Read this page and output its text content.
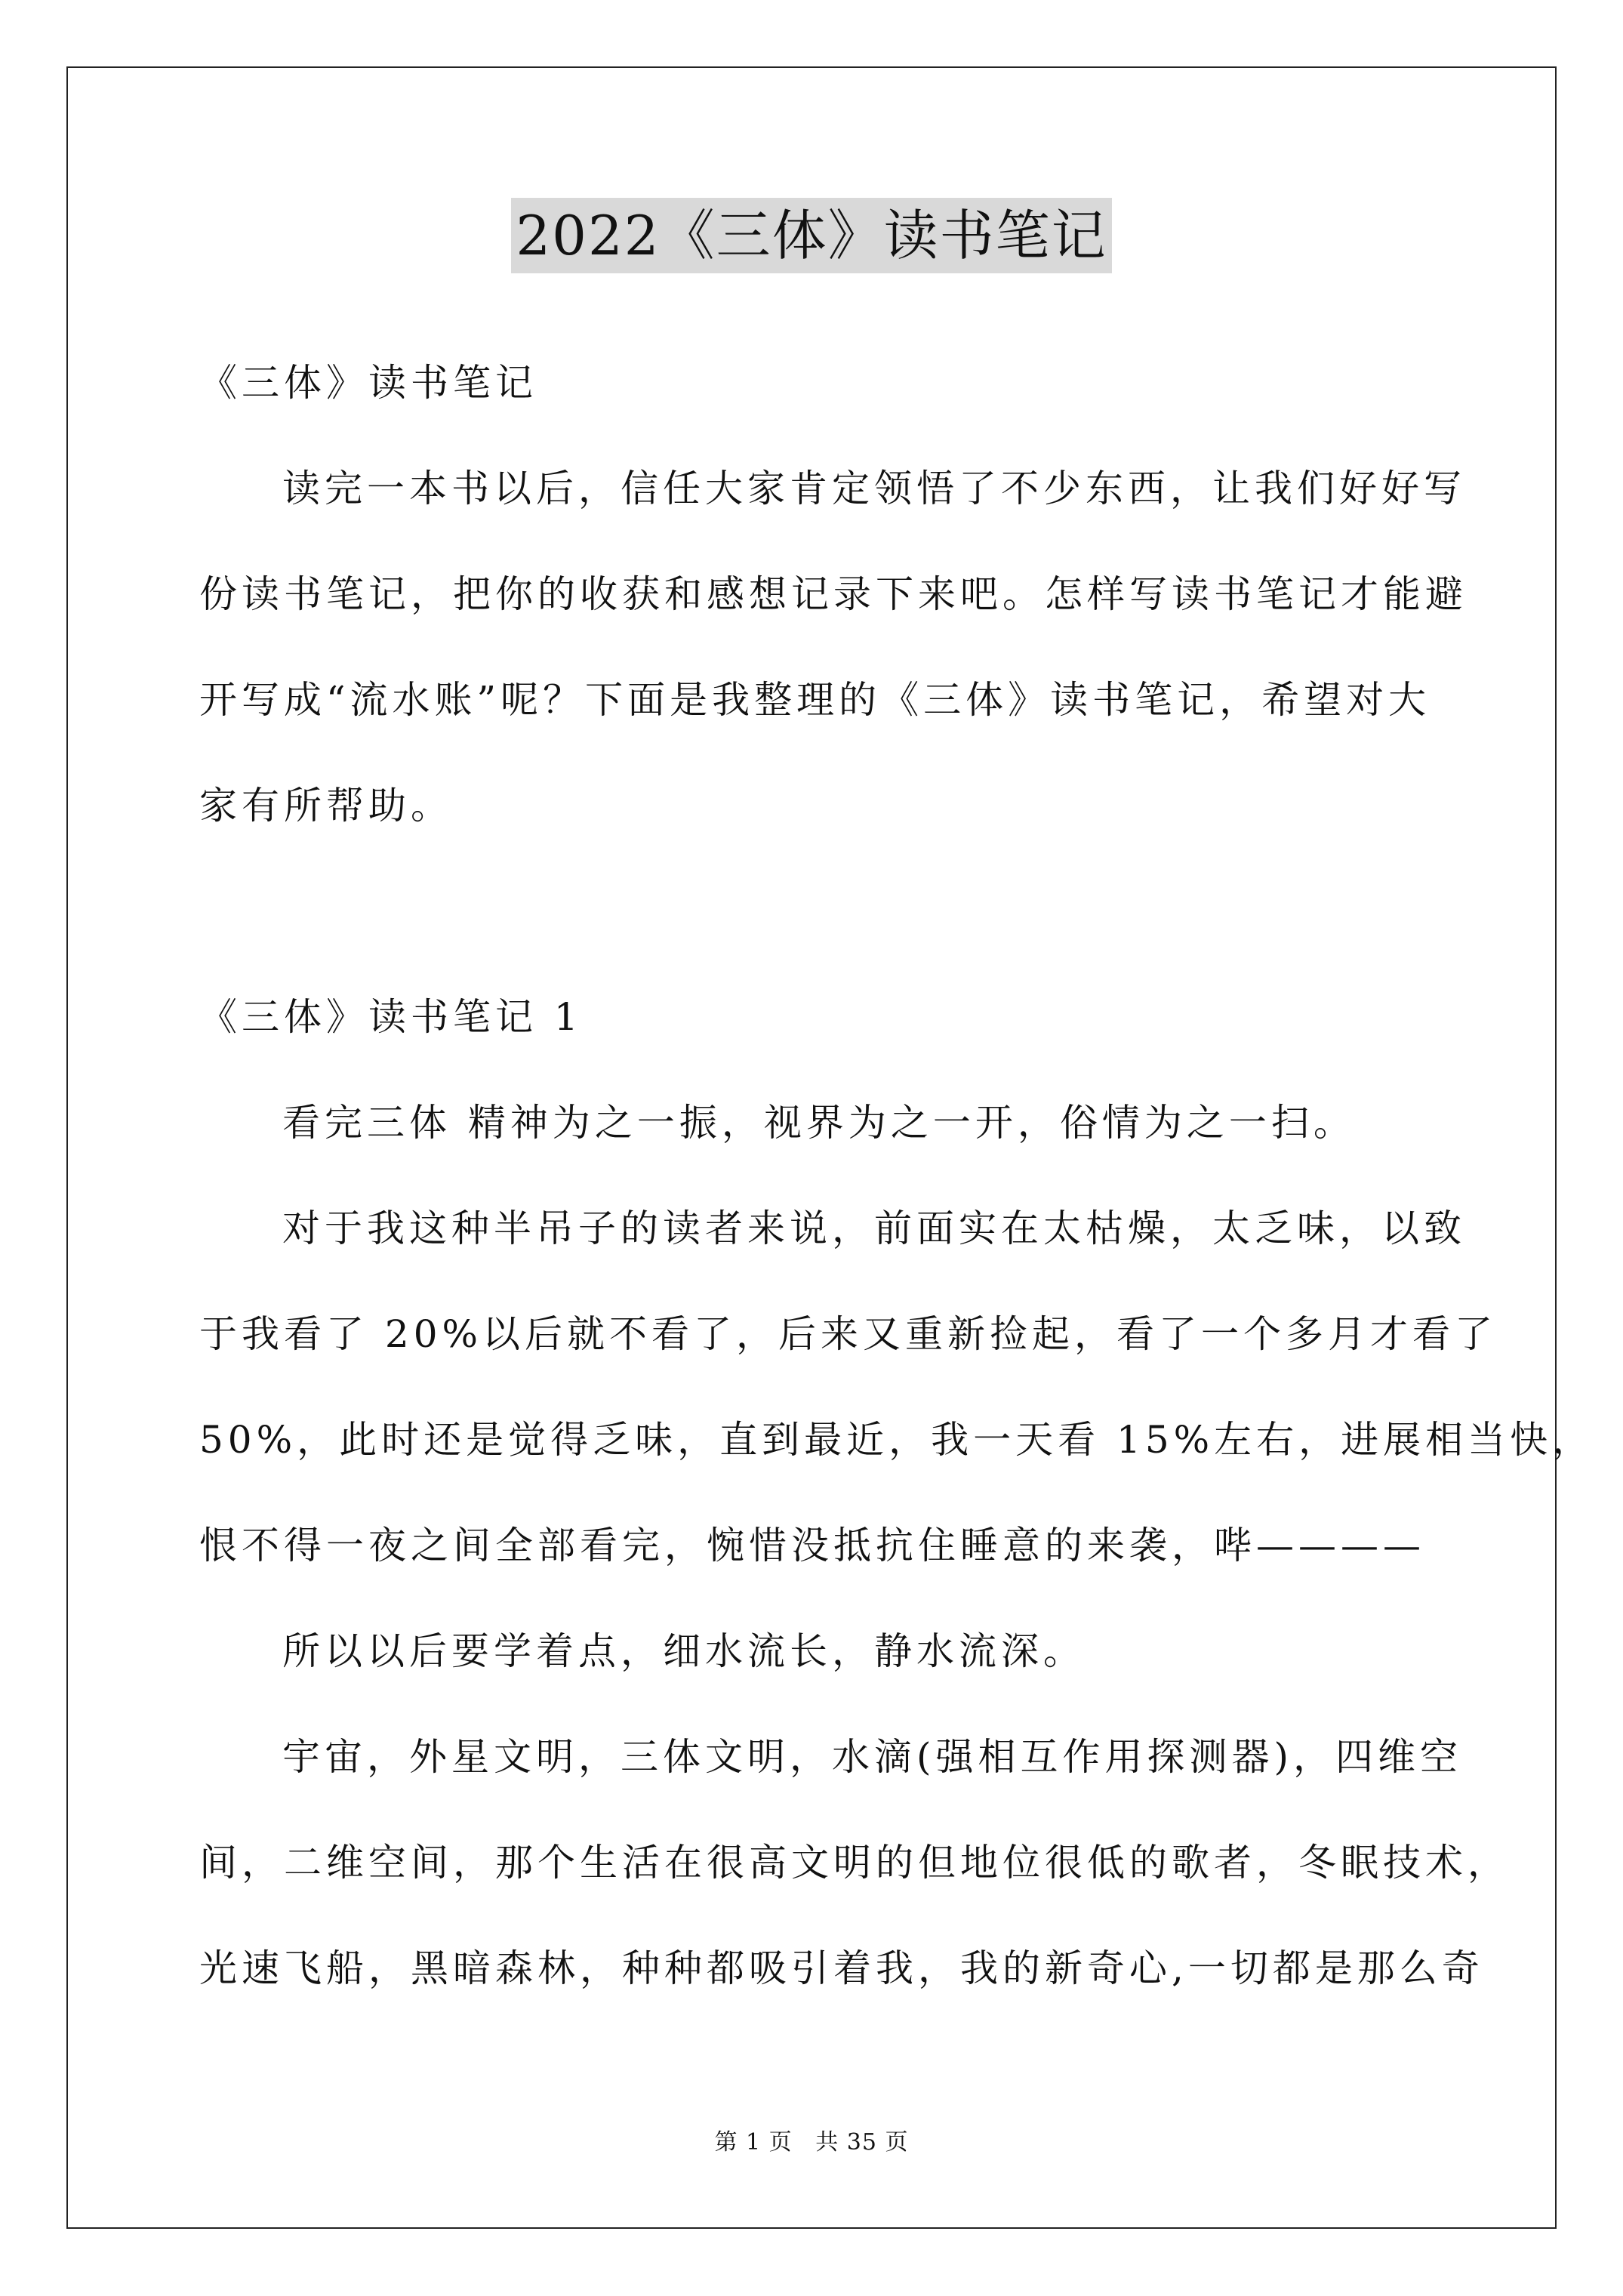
2022《三体》读书笔记
《三体》读书笔记
读完一本书以后，信任大家肯定领悟了不少东西，让我们好好写
份读书笔记，把你的收获和感想记录下来吧。怎样写读书笔记才能避
开写成“流水账”呢？下面是我整理的《三体》读书笔记，希望对大
家有所帮助。
《三体》读书笔记 1
看完三体 精神为之一振，视界为之一开，俗情为之一扫。
对于我这种半吊子的读者来说，前面实在太枯燥，太乏味，以致
于我看了 20%以后就不看了，后来又重新捡起，看了一个多月才看了
50%，此时还是觉得乏味，直到最近，我一天看 15%左右，进展相当快，
恨不得一夜之间全部看完，惋惜没抵抗住睡意的来袭，哔————
所以以后要学着点，细水流长，静水流深。
宇宙，外星文明，三体文明，水滴(强相互作用探测器)，四维空
间，二维空间，那个生活在很高文明的但地位很低的歌者，冬眠技术，
光速飞船，黑暗森林，种种都吸引着我，我的新奇心,一切都是那么奇
第 1 页 共 35 页
